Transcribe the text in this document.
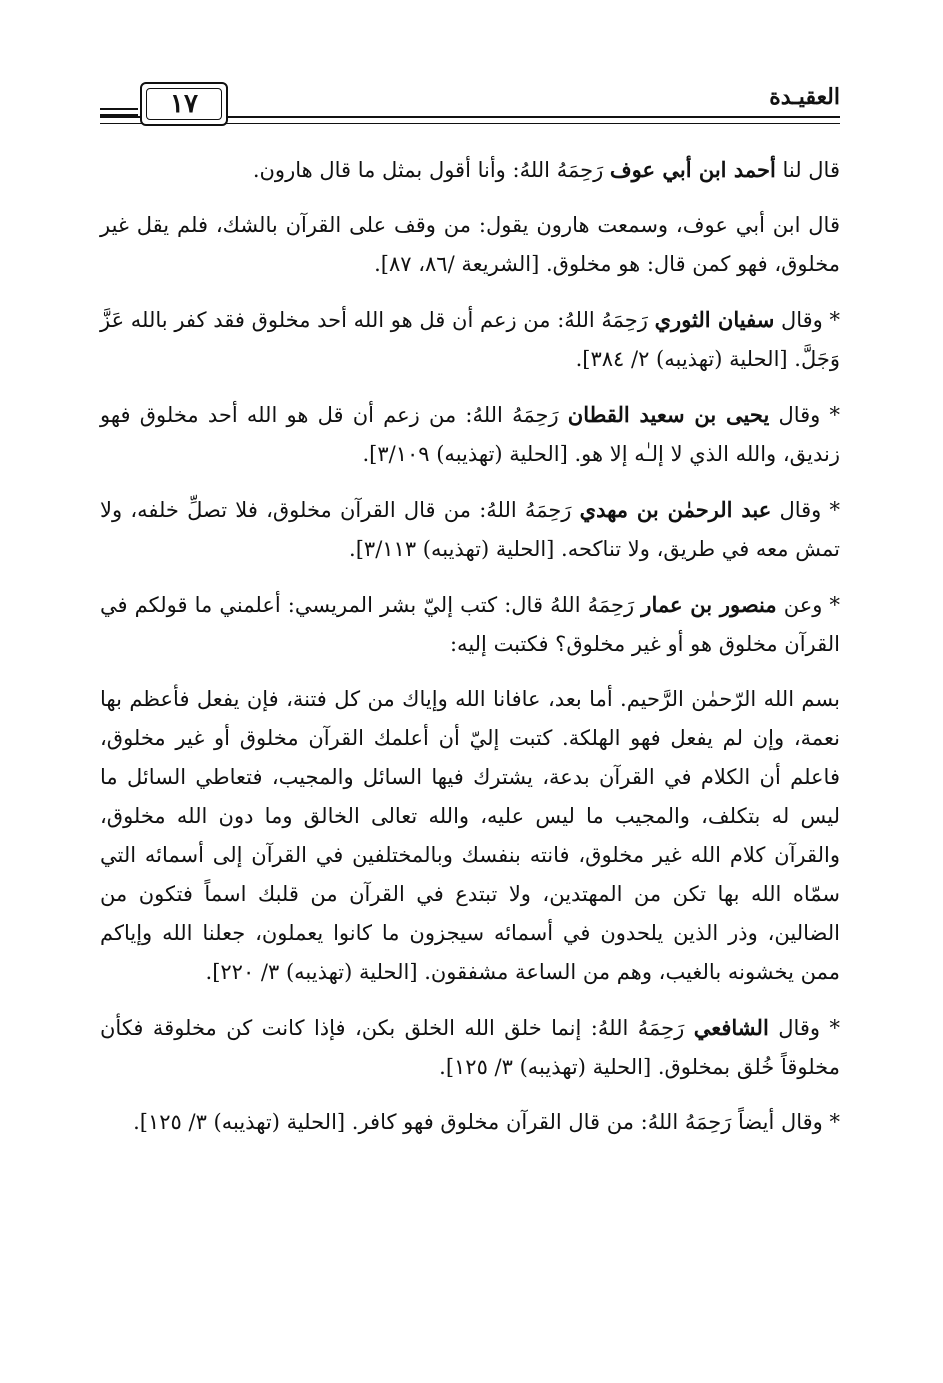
العقيـدة
١٧

قال لنا أحمد ابن أبي عوف رَحِمَهُ اللهُ: وأنا أقول بمثل ما قال هارون.

قال ابن أبي عوف، وسمعت هارون يقول: من وقف على القرآن بالشك، فلم يقل غير مخلوق، فهو كمن قال: هو مخلوق. [الشريعة /٨٦، ٨٧].

* وقال سفيان الثوري رَحِمَهُ اللهُ: من زعم أن قل هو الله أحد مخلوق فقد كفر بالله عَزَّ وَجَلَّ. [الحلية (تهذيبه) ٢/ ٣٨٤].

* وقال يحيى بن سعيد القطان رَحِمَهُ اللهُ: من زعم أن قل هو الله أحد مخلوق فهو زنديق، والله الذي لا إلـٰه إلا هو. [الحلية (تهذيبه) ٣/١٠٩].

* وقال عبد الرحمٰن بن مهدي رَحِمَهُ اللهُ: من قال القرآن مخلوق، فلا تصلِّ خلفه، ولا تمش معه في طريق، ولا تناكحه. [الحلية (تهذيبه) ٣/١١٣].

* وعن منصور بن عمار رَحِمَهُ اللهُ قال: كتب إليّ بشر المريسي: أعلمني ما قولكم في القرآن مخلوق هو أو غير مخلوق؟ فكتبت إليه:

بسم الله الرّحمٰن الرَّحيم. أما بعد، عافانا الله وإياك من كل فتنة، فإن يفعل فأعظم بها نعمة، وإن لم يفعل فهو الهلكة. كتبت إليّ أن أعلمك القرآن مخلوق أو غير مخلوق، فاعلم أن الكلام في القرآن بدعة، يشترك فيها السائل والمجيب، فتعاطي السائل ما ليس له بتكلف، والمجيب ما ليس عليه، والله تعالى الخالق وما دون الله مخلوق، والقرآن كلام الله غير مخلوق، فانته بنفسك وبالمختلفين في القرآن إلى أسمائه التي سمّاه الله بها تكن من المهتدين، ولا تبتدع في القرآن من قلبك اسماً فتكون من الضالين، وذر الذين يلحدون في أسمائه سيجزون ما كانوا يعملون، جعلنا الله وإياكم ممن يخشونه بالغيب، وهم من الساعة مشفقون. [الحلية (تهذيبه) ٣/ ٢٢٠].

* وقال الشافعي رَحِمَهُ اللهُ: إنما خلق الله الخلق بكن، فإذا كانت كن مخلوقة فكأن مخلوقاً خُلق بمخلوق. [الحلية (تهذيبه) ٣/ ١٢٥].

* وقال أيضاً رَحِمَهُ اللهُ: من قال القرآن مخلوق فهو كافر. [الحلية (تهذيبه) ٣/ ١٢٥].
